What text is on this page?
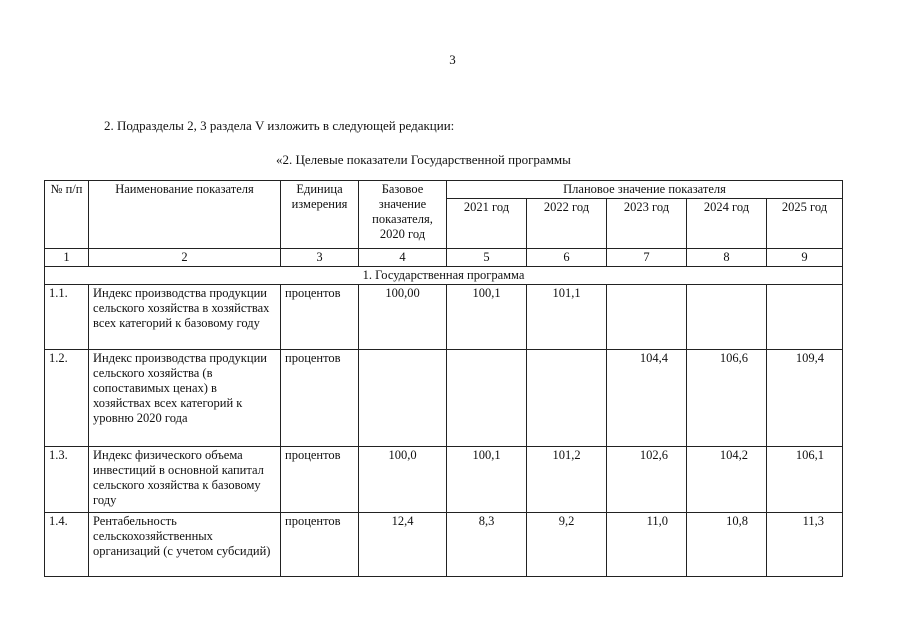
3
2. Подразделы 2, 3 раздела V изложить в следующей редакции:
«2. Целевые показатели Государственной программы
№ п/п	Наименование показателя	Единица измерения	Базовое значение показателя, 2020 год	Плановое значение показателя				
				2021 год	2022 год	2023 год	2024 год	2025 год
1	2	3	4	5	6	7	8	9
1. Государственная программа								
1.1.	Индекс производства продукции сельского хозяйства в хозяйствах всех категорий к базовому году	процентов	100,00	100,1	101,1			
1.2.	Индекс производства продукции сельского хозяйства (в сопоставимых ценах) в хозяйствах всех категорий к уровню 2020 года	процентов				104,4	106,6	109,4
1.3.	Индекс физического объема инвестиций в основной капитал сельского хозяйства к базовому году	процентов	100,0	100,1	101,2	102,6	104,2	106,1
1.4.	Рентабельность сельскохозяйственных организаций (с учетом субсидий)	процентов	12,4	8,3	9,2	11,0	10,8	11,3
